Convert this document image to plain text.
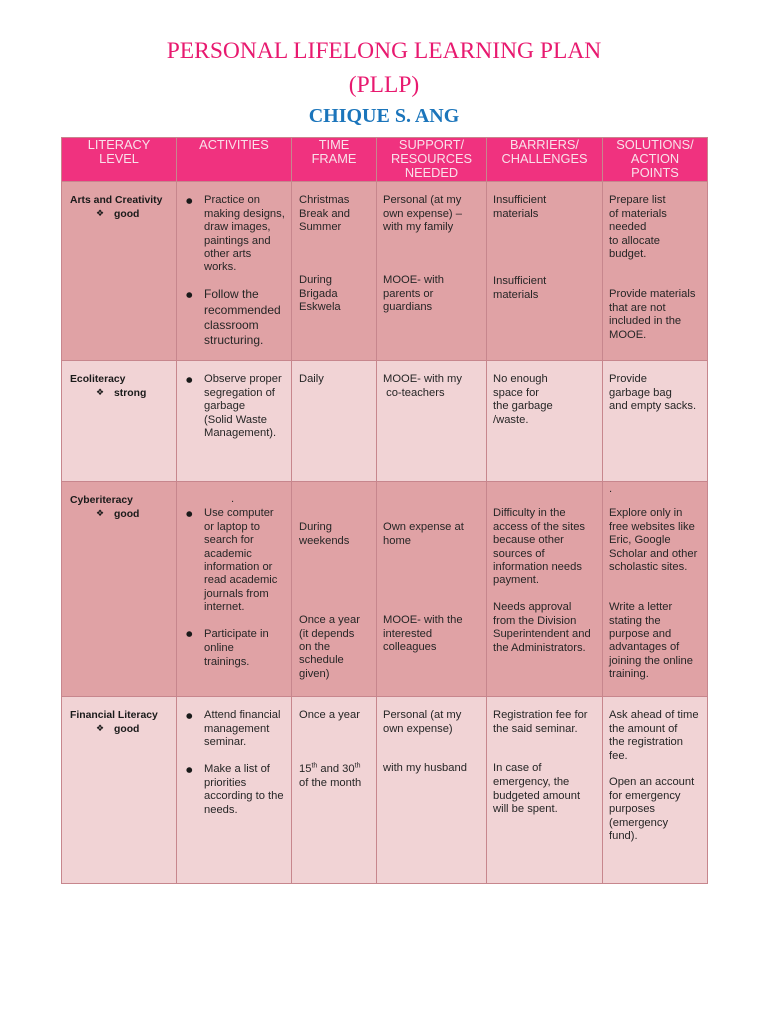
PERSONAL LIFELONG LEARNING PLAN
(PLLP)
CHIQUE S. ANG
LITERACY
LEVEL
ACTIVITIES	TIME
FRAME
SUPPORT/
RESOURCES
NEEDED
BARRIERS/
CHALLENGES
SOLUTIONS/
ACTION
POINTS
Arts and Creativity
❖ good
● Practice on
making designs,
draw images,
paintings and
other arts
works.
● Follow the
recommended
classroom
structuring.
Christmas
Break and
Summer
During
Brigada
Eskwela
Personal (at my
own expense) –
with my family
MOOE- with
parents or
guardians
Insufficient
materials
Insufficient
materials
Prepare list
of materials
needed
to allocate
budget.
Provide materials
that are not
included in the
MOOE.
Ecoliteracy
❖ strong
● Observe proper
segregation of
garbage
(Solid Waste
Management).
Daily	MOOE- with my
co-teachers
No enough
space for
the garbage
/waste.
Provide
garbage bag
and empty sacks.
Cyberiteracy
❖ good
.
● Use computer
or laptop to
search for
academic
information or
read academic
journals from
internet.
● Participate in
online
trainings.
During
weekends
Once a year
(it depends
on the
schedule
given)
Own expense at
home
MOOE- with the
interested
colleagues
Difficulty in the
access of the sites
because other
sources of
information needs
payment.
Needs approval
from the Division
Superintendent and
the Administrators.
.
Explore only in
free websites like
Eric, Google
Scholar and other
scholastic sites.
Write a letter
stating the
purpose and
advantages of
joining the online
training.
Financial Literacy
❖ good
● Attend financial
management
seminar.
● Make a list of
priorities
according to the
needs.
Once a year
15th and 30th
of the month
Personal (at my
own expense)
with my husband
Registration fee for
the said seminar.
In case of
emergency, the
budgeted amount
will be spent.
Ask ahead of time
the amount of
the registration
fee.
Open an account
for emergency
purposes
(emergency
fund).
